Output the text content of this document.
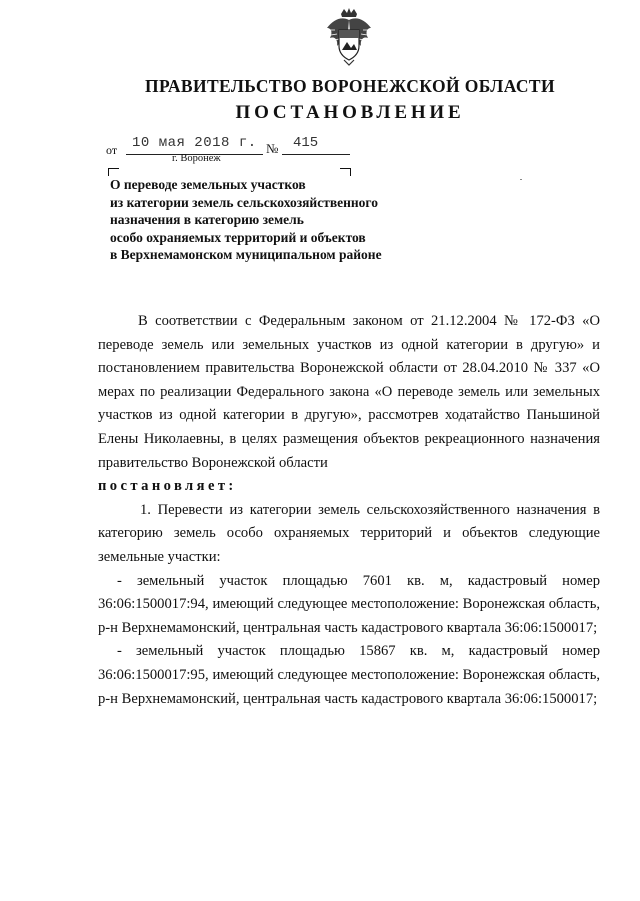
ПРАВИТЕЛЬСТВО ВОРОНЕЖСКОЙ ОБЛАСТИ
ПОСТАНОВЛЕНИЕ
от 10 мая 2018 г. № 415
г. Воронеж
О переводе земельных участков
из категории земель сельскохозяйственного
назначения в категорию земель
особо охраняемых территорий и объектов
в Верхнемамонском муниципальном районе
В соответствии с Федеральным законом от 21.12.2004 № 172-ФЗ «О переводе земель или земельных участков из одной категории в другую» и постановлением правительства Воронежской области от 28.04.2010 № 337 «О мерах по реализации Федерального закона «О переводе земель или земельных участков из одной категории в другую», рассмотрев ходатайство Паньшиной Елены Николаевны, в целях размещения объектов рекреационного назначения правительство Воронежской области
постановляет:
1. Перевести из категории земель сельскохозяйственного назначения в категорию земель особо охраняемых территорий и объектов следующие земельные участки:
- земельный участок площадью 7601 кв. м, кадастровый номер 36:06:1500017:94, имеющий следующее местоположение: Воронежская область, р-н Верхнемамонский, центральная часть кадастрового квартала 36:06:1500017;
- земельный участок площадью 15867 кв. м, кадастровый номер 36:06:1500017:95, имеющий следующее местоположение: Воронежская область, р-н Верхнемамонский, центральная часть кадастрового квартала 36:06:1500017;
